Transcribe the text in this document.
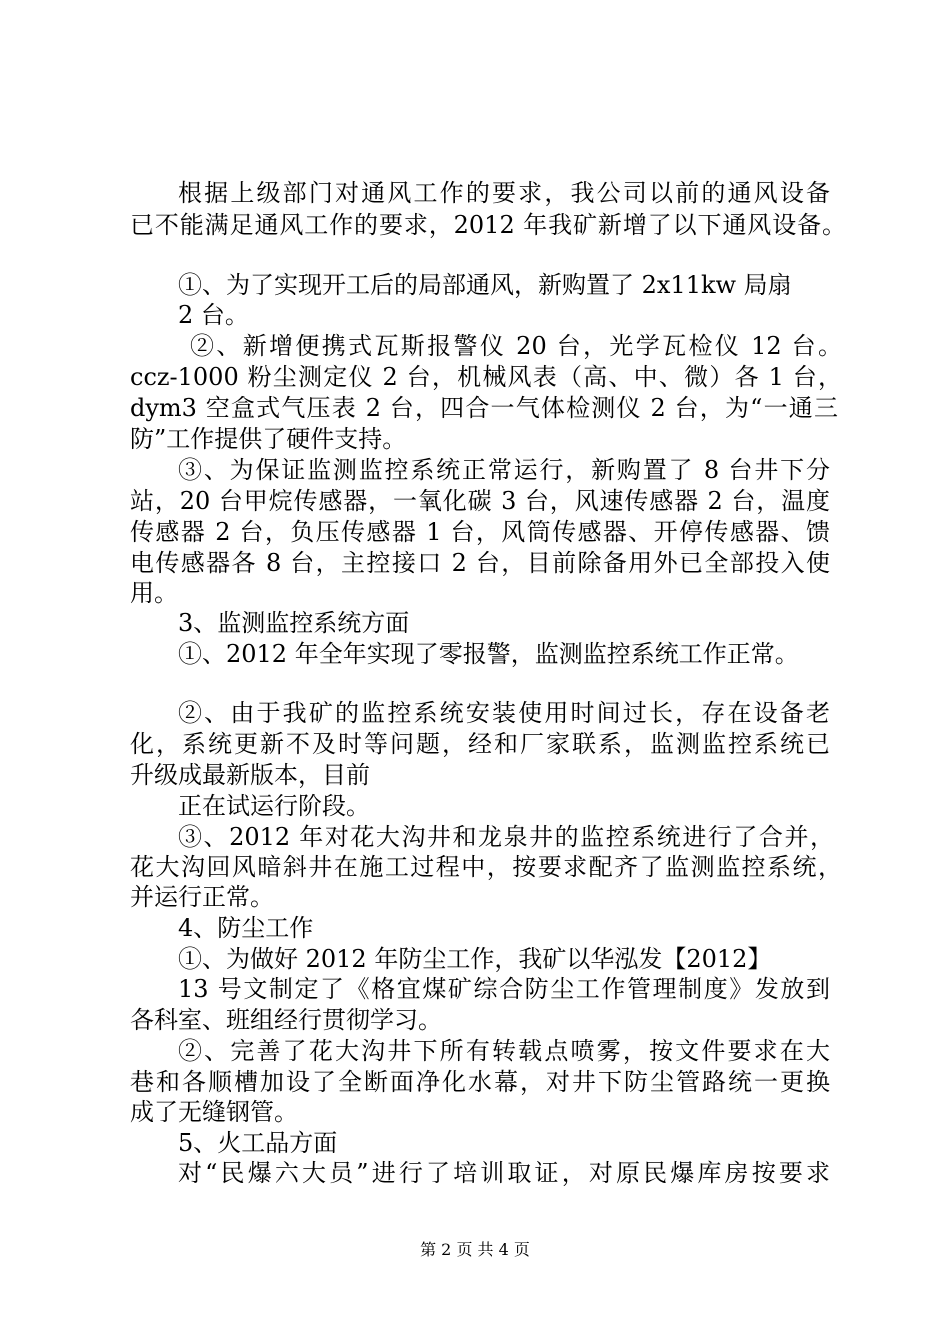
根据上级部门对通风工作的要求，我公司以前的通风设备
已不能满足通风工作的要求，2012 年我矿新增了以下通风设备。
①、为了实现开工后的局部通风，新购置了 2x11kw 局扇
2 台。
②、新增便携式瓦斯报警仪 20 台，光学瓦检仪 12 台。
ccz-1000 粉尘测定仪 2 台，机械风表（高、中、微）各 1 台，
dym3 空盒式气压表 2 台，四合一气体检测仪 2 台，为“一通三
防”工作提供了硬件支持。
③、为保证监测监控系统正常运行，新购置了 8 台井下分
站，20 台甲烷传感器，一氧化碳 3 台，风速传感器 2 台，温度
传感器 2 台，负压传感器 1 台，风筒传感器、开停传感器、馈
电传感器各 8 台，主控接口 2 台，目前除备用外已全部投入使
用。
3、监测监控系统方面
①、2012 年全年实现了零报警，监测监控系统工作正常。
②、由于我矿的监控系统安装使用时间过长，存在设备老
化，系统更新不及时等问题，经和厂家联系，监测监控系统已
升级成最新版本，目前
正在试运行阶段。
③、2012 年对花大沟井和龙泉井的监控系统进行了合并，
花大沟回风暗斜井在施工过程中，按要求配齐了监测监控系统，
并运行正常。
4、防尘工作
①、为做好 2012 年防尘工作，我矿以华泓发【2012】
13 号文制定了《格宜煤矿综合防尘工作管理制度》发放到
各科室、班组经行贯彻学习。
②、完善了花大沟井下所有转载点喷雾，按文件要求在大
巷和各顺槽加设了全断面净化水幕，对井下防尘管路统一更换
成了无缝钢管。
5、火工品方面
对“民爆六大员”进行了培训取证，对原民爆库房按要求
第 2 页 共 4 页
